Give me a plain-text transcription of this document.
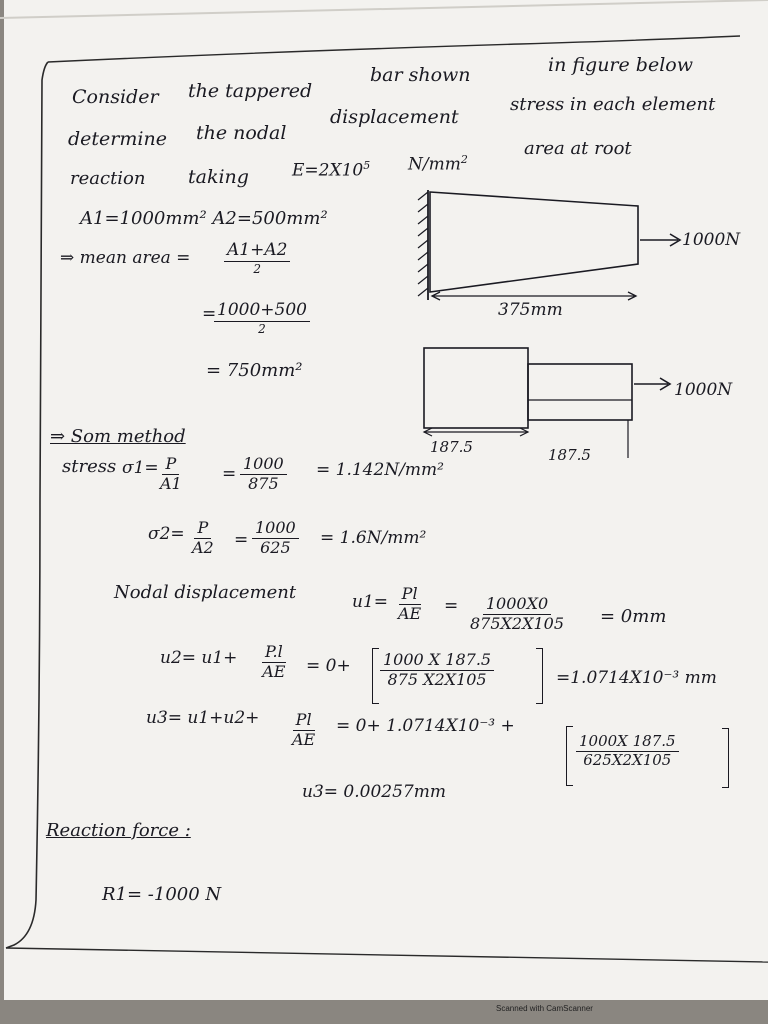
Consider the tappered
bar shown	in figure below
determine the nodal
displacement
stress in each element
reaction taking	$E=2X10^5$ $N/mm^2$
area at root
A1=1000mm² A2=500mm²
⇒ mean area = A1+A2
2
= 1000+500
2
= 750mm²
1000N
375mm
1000N
187.5	187.5
⇒ Som method
stress $\sigma 1= \frac{P}{A1} = \frac{1000}{875} = 1.142N/mm^2$
$\sigma 2= \frac{P}{A2} = \frac{1000}{625} = 1.6N/mm^2$
Nodal displacement	$u1= \frac{Pl}{AE} = \frac{1000X0}{875X2X105} = 0mm$
$u2= u1+ \frac{P.l}{AE} = 0+ \frac{1000 X 187.5}{875 X2X105}$	=1.0714X10⁻³ mm
$u3= u1+u2+ \frac{Pl}{AE} = 0+ 1.0714X10^{-3}$ +
$\frac{1000X 187.5}{625X2X105}$
u3= 0.00257mm
Reaction force :
R1= -1000 N
Scanned with CamScanner
